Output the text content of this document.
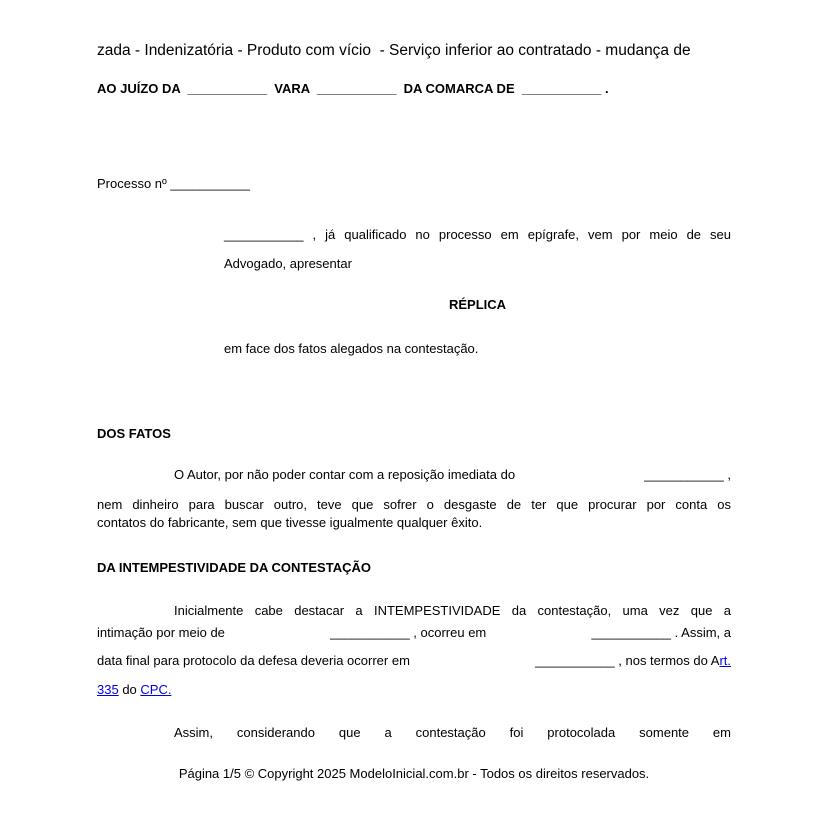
zada - Indenizatória - Produto com vício  - Serviço inferior ao contratado - mudança de
AO JUÍZO DA  ___________  VARA  ___________  DA COMARCA DE  ___________ .
Processo nº ___________
___________ , já qualificado no processo em epígrafe, vem por meio de seu
Advogado, apresentar
RÉPLICA
em face dos fatos alegados na contestação.
DOS FATOS
O Autor, por não poder contar com a reposição imediata do	___________ ,
nem dinheiro para buscar outro, teve que sofrer o desgaste de ter que procurar por conta os
contatos do fabricante, sem que tivesse igualmente qualquer êxito.
DA INTEMPESTIVIDADE DA CONTESTAÇÃO
Inicialmente cabe destacar a INTEMPESTIVIDADE da contestação, uma vez que a
intimação por meio de	___________ , ocorreu em	___________ . Assim, a
data final para protocolo da defesa deveria ocorrer em	___________ , nos termos do Art.
335 do CPC.
Assim, considerando que a contestação foi protocolada somente em
Página 1/5 © Copyright 2025 ModeloInicial.com.br - Todos os direitos reservados.
